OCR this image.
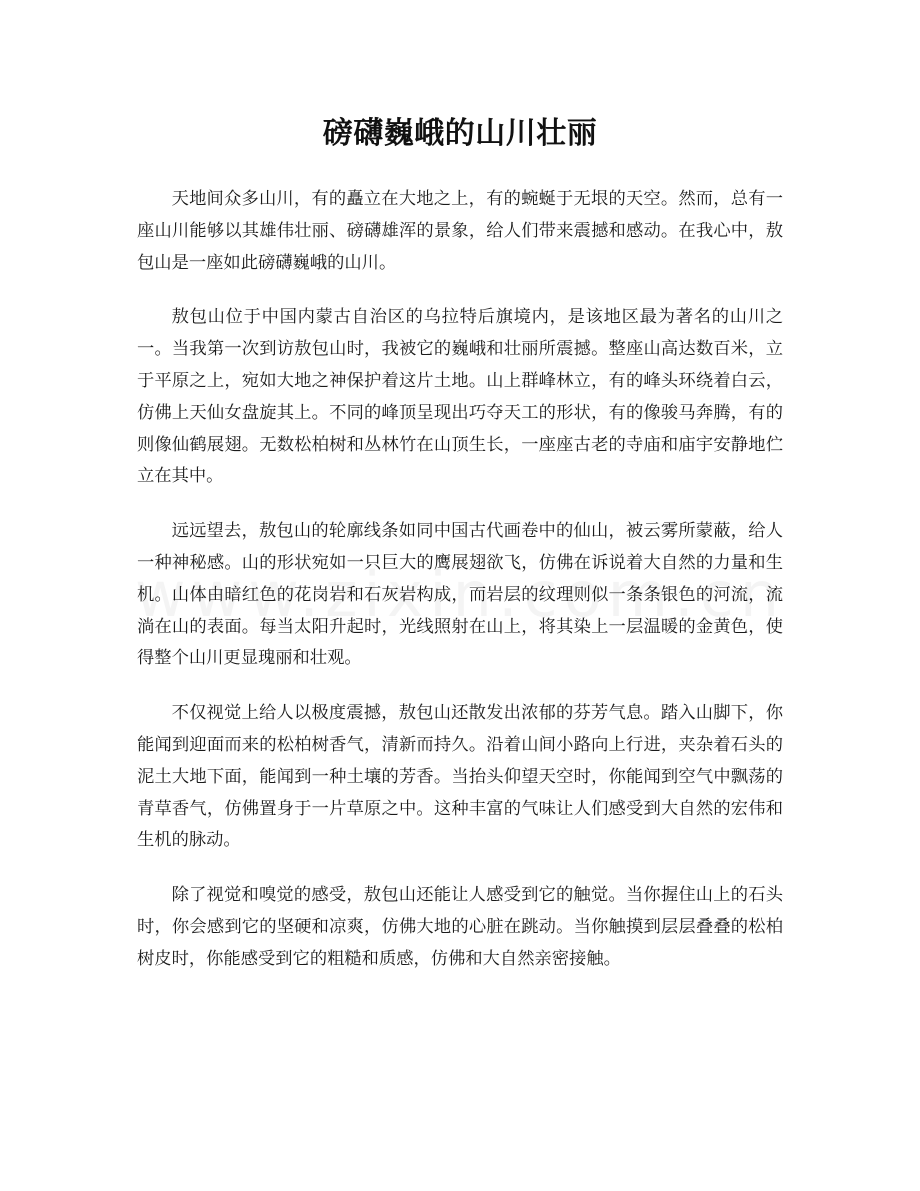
磅礴巍峨的山川壮丽

天地间众多山川，有的矗立在大地之上，有的蜿蜒于无垠的天空。然而，总有一座山川能够以其雄伟壮丽、磅礴雄浑的景象，给人们带来震撼和感动。在我心中，敖包山是一座如此磅礴巍峨的山川。

敖包山位于中国内蒙古自治区的乌拉特后旗境内，是该地区最为著名的山川之一。当我第一次到访敖包山时，我被它的巍峨和壮丽所震撼。整座山高达数百米，立于平原之上，宛如大地之神保护着这片土地。山上群峰林立，有的峰头环绕着白云，仿佛上天仙女盘旋其上。不同的峰顶呈现出巧夺天工的形状，有的像骏马奔腾，有的则像仙鹤展翅。无数松柏树和丛林竹在山顶生长，一座座古老的寺庙和庙宇安静地伫立在其中。

远远望去，敖包山的轮廓线条如同中国古代画卷中的仙山，被云雾所蒙蔽，给人一种神秘感。山的形状宛如一只巨大的鹰展翅欲飞，仿佛在诉说着大自然的力量和生机。山体由暗红色的花岗岩和石灰岩构成，而岩层的纹理则似一条条银色的河流，流淌在山的表面。每当太阳升起时，光线照射在山上，将其染上一层温暖的金黄色，使得整个山川更显瑰丽和壮观。

不仅视觉上给人以极度震撼，敖包山还散发出浓郁的芬芳气息。踏入山脚下，你能闻到迎面而来的松柏树香气，清新而持久。沿着山间小路向上行进，夹杂着石头的泥土大地下面，能闻到一种土壤的芳香。当抬头仰望天空时，你能闻到空气中飘荡的青草香气，仿佛置身于一片草原之中。这种丰富的气味让人们感受到大自然的宏伟和生机的脉动。

除了视觉和嗅觉的感受，敖包山还能让人感受到它的触觉。当你握住山上的石头时，你会感到它的坚硬和凉爽，仿佛大地的心脏在跳动。当你触摸到层层叠叠的松柏树皮时，你能感受到它的粗糙和质感，仿佛和大自然亲密接触。
